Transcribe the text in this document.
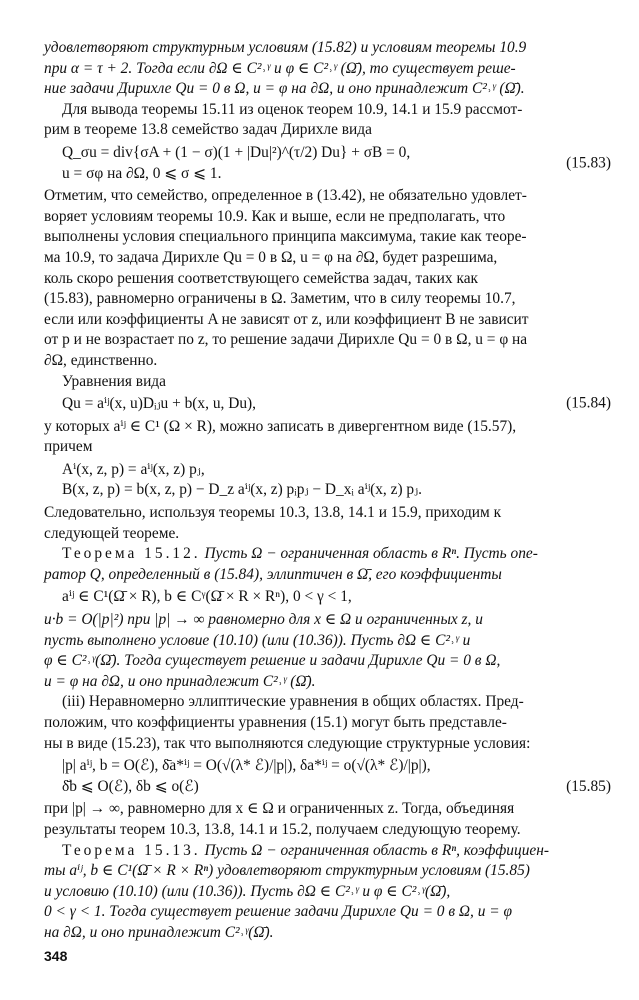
удовлетворяют структурным условиям (15.82) и условиям теоремы 10.9
при α = τ + 2. Тогда если ∂Ω ∈ C²˒ᵞ и φ ∈ C²˒ᵞ (Ω̄), то существует реше-
ние задачи Дирихле Qu = 0 в Ω, u = φ на ∂Ω, и оно принадлежит C²˒ᵞ (Ω̄).
Для вывода теоремы 15.11 из оценок теорем 10.9, 14.1 и 15.9 рассмот-
рим в теореме 13.8 семейство задач Дирихле вида
Q_σu = div{σA + (1 − σ)(1 + |Du|²)^(τ/2) Du} + σB = 0,
u = σφ на ∂Ω, 0 ⩽ σ ⩽ 1.
(15.83)
Отметим, что семейство, определенное в (13.42), не обязательно удовлет-
воряет условиям теоремы 10.9. Как и выше, если не предполагать, что
выполнены условия специального принципа максимума, такие как теоре-
ма 10.9, то задача Дирихле Qu = 0 в Ω, u = φ на ∂Ω, будет разрешима,
коль скоро решения соответствующего семейства задач, таких как
(15.83), равномерно ограничены в Ω. Заметим, что в силу теоремы 10.7,
если или коэффициенты A не зависят от z, или коэффициент B не зависит
от p и не возрастает по z, то решение задачи Дирихле Qu = 0 в Ω, u = φ на
∂Ω, единственно.
Уравнения вида
Qu = aⁱʲ(x, u)Dᵢⱼu + b(x, u, Du),	(15.84)
у которых aⁱʲ ∈ C¹ (Ω × R), можно записать в дивергентном виде (15.57),
причем
Aⁱ(x, z, p) = aⁱʲ(x, z) pⱼ,
B(x, z, p) = b(x, z, p) − D_z aⁱʲ(x, z) pᵢpⱼ − D_xᵢ aⁱʲ(x, z) pⱼ.
Следовательно, используя теоремы 10.3, 13.8, 14.1 и 15.9, приходим к
следующей теореме.
Теорема 15.12. Пусть Ω − ограниченная область в Rⁿ. Пусть опе-
ратор Q, определенный в (15.84), эллиптичен в Ω̄, его коэффициенты
aⁱʲ ∈ C¹(Ω̄ × R), b ∈ Cᵞ(Ω̄ × R × Rⁿ), 0 < γ < 1,
u·b = O(|p|²) при |p| → ∞ равномерно для x ∈ Ω и ограниченных z, и
пусть выполнено условие (10.10) (или (10.36)). Пусть ∂Ω ∈ C²˒ᵞ и
φ ∈ C²˒ᵞ(Ω̄). Тогда существует решение и задачи Дирихле Qu = 0 в Ω,
u = φ на ∂Ω, и оно принадлежит C²˒ᵞ (Ω̄).
(iii) Неравномерно эллиптические уравнения в общих областях. Пред-
положим, что коэффициенты уравнения (15.1) могут быть представле-
ны в виде (15.23), так что выполняются следующие структурные условия:
|p| aⁱʲ, b = O(ℰ), δ̄a*ⁱʲ = O(√(λ* ℰ)/|p|), δa*ⁱʲ = o(√(λ* ℰ)/|p|),
δ̄b ⩽ O(ℰ), δb ⩽ o(ℰ)	(15.85)
при |p| → ∞, равномерно для x ∈ Ω и ограниченных z. Тогда, объединяя
результаты теорем 10.3, 13.8, 14.1 и 15.2, получаем следующую теорему.
Теорема 15.13. Пусть Ω − ограниченная область в Rⁿ, коэффициен-
ты aⁱʲ, b ∈ C¹(Ω̄ × R × Rⁿ) удовлетворяют структурным условиям (15.85)
и условию (10.10) (или (10.36)). Пусть ∂Ω ∈ C²˒ᵞ и φ ∈ C²˒ᵞ(Ω̄),
0 < γ < 1. Тогда существует решение задачи Дирихле Qu = 0 в Ω, u = φ
на ∂Ω, и оно принадлежит C²˒ᵞ(Ω̄).
348
